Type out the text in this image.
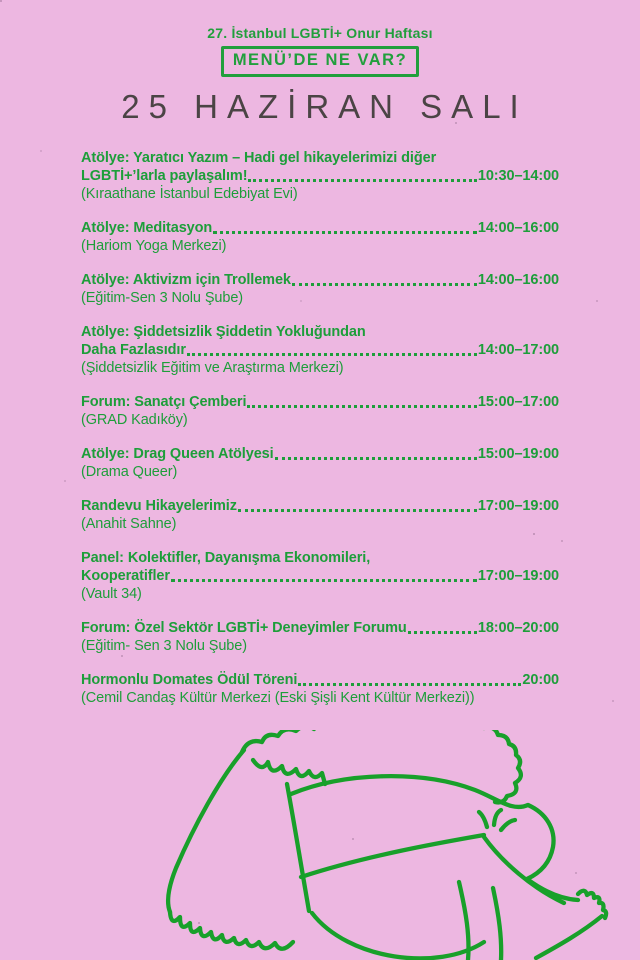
27. İstanbul LGBTİ+ Onur Haftası
MENÜ’DE NE VAR?
25 HAZİRAN SALI
Atölye: Yaratıcı Yazım – Hadi gel hikayelerimizi diğer
LGBTİ+’larla paylaşalım!	10:30–14:00
(Kıraathane İstanbul Edebiyat Evi)
Atölye: Meditasyon	14:00–16:00
(Hariom Yoga Merkezi)
Atölye: Aktivizm için Trollemek	14:00–16:00
(Eğitim-Sen 3 Nolu Şube)
Atölye: Şiddetsizlik Şiddetin Yokluğundan
Daha Fazlasıdır	14:00–17:00
(Şiddetsizlik Eğitim ve Araştırma Merkezi)
Forum: Sanatçı Çemberi	15:00–17:00
(GRAD Kadıköy)
Atölye: Drag Queen Atölyesi	15:00–19:00
(Drama Queer)
Randevu Hikayelerimiz	17:00–19:00
(Anahit Sahne)
Panel: Kolektifler, Dayanışma Ekonomileri,
Kooperatifler	17:00–19:00
(Vault 34)
Forum: Özel Sektör LGBTİ+ Deneyimler Forumu	18:00–20:00
(Eğitim- Sen 3 Nolu Şube)
Hormonlu Domates Ödül Töreni	20:00
(Cemil Candaş Kültür Merkezi (Eski Şişli Kent Kültür Merkezi))
